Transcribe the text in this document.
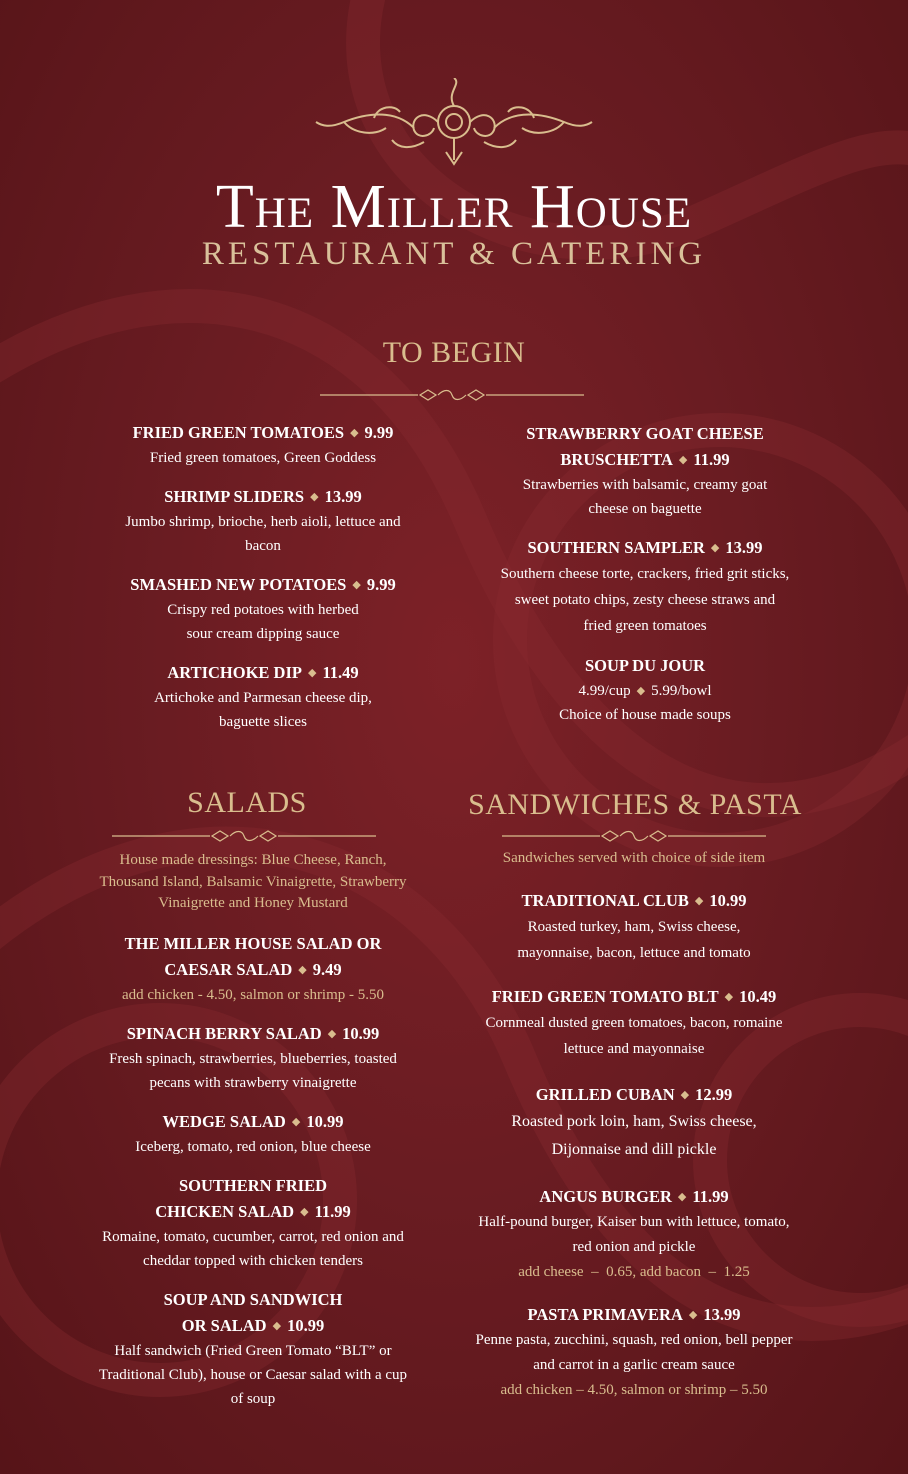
The Miller House
RESTAURANT & CATERING
TO BEGIN
FRIED GREEN TOMATOES ◆ 9.99
Fried green tomatoes, Green Goddess
SHRIMP SLIDERS ◆ 13.99
Jumbo shrimp, brioche, herb aioli, lettuce and bacon
SMASHED NEW POTATOES ◆ 9.99
Crispy red potatoes with herbed sour cream dipping sauce
ARTICHOKE DIP ◆ 11.49
Artichoke and Parmesan cheese dip, baguette slices
STRAWBERRY GOAT CHEESE BRUSCHETTA ◆ 11.99
Strawberries with balsamic, creamy goat cheese on baguette
SOUTHERN SAMPLER ◆ 13.99
Southern cheese torte, crackers, fried grit sticks, sweet potato chips, zesty cheese straws and fried green tomatoes
SOUP DU JOUR
4.99/cup ◆ 5.99/bowl
Choice of house made soups
SALADS
House made dressings: Blue Cheese, Ranch, Thousand Island, Balsamic Vinaigrette, Strawberry Vinaigrette and Honey Mustard
THE MILLER HOUSE SALAD OR CAESAR SALAD ◆ 9.49
add chicken - 4.50, salmon or shrimp - 5.50
SPINACH BERRY SALAD ◆ 10.99
Fresh spinach, strawberries, blueberries, toasted pecans with strawberry vinaigrette
WEDGE SALAD ◆ 10.99
Iceberg, tomato, red onion, blue cheese
SOUTHERN FRIED CHICKEN SALAD ◆ 11.99
Romaine, tomato, cucumber, carrot, red onion and cheddar topped with chicken tenders
SOUP AND SANDWICH OR SALAD ◆ 10.99
Half sandwich (Fried Green Tomato “BLT” or Traditional Club), house or Caesar salad with a cup of soup
SANDWICHES & PASTA
Sandwiches served with choice of side item
TRADITIONAL CLUB ◆ 10.99
Roasted turkey, ham, Swiss cheese, mayonnaise, bacon, lettuce and tomato
FRIED GREEN TOMATO BLT ◆ 10.49
Cornmeal dusted green tomatoes, bacon, romaine lettuce and mayonnaise
GRILLED CUBAN ◆ 12.99
Roasted pork loin, ham, Swiss cheese, Dijonnaise and dill pickle
ANGUS BURGER ◆ 11.99
Half-pound burger, Kaiser bun with lettuce, tomato, red onion and pickle
add cheese  –  0.65, add bacon  –  1.25
PASTA PRIMAVERA ◆ 13.99
Penne pasta, zucchini, squash, red onion, bell pepper and carrot in a garlic cream sauce
add chicken – 4.50, salmon or shrimp – 5.50
